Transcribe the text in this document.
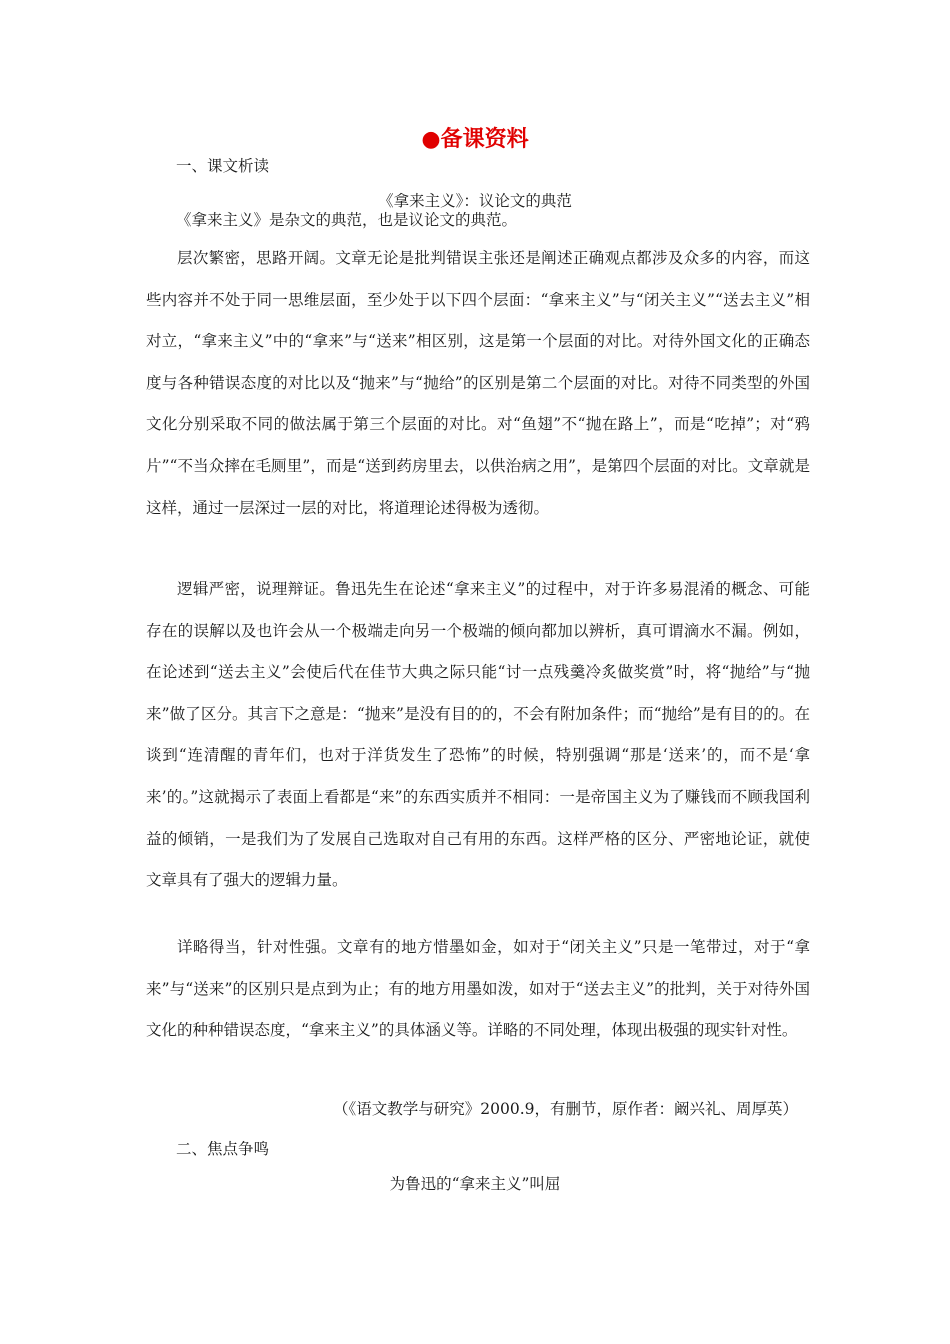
●备课资料
一、课文析读
《拿来主义》：议论文的典范
《拿来主义》是杂文的典范，也是议论文的典范。

层次繁密，思路开阔。文章无论是批判错误主张还是阐述正确观点都涉及众多的内容，而这些内容并不处于同一思维层面，至少处于以下四个层面：“拿来主义”与“闭关主义”“送去主义”相对立，“拿来主义”中的“拿来”与“送来”相区别，这是第一个层面的对比。对待外国文化的正确态度与各种错误态度的对比以及“抛来”与“抛给”的区别是第二个层面的对比。对待不同类型的外国文化分别采取不同的做法属于第三个层面的对比。对“鱼翅”不“抛在路上”，而是“吃掉”；对“鸦片”“不当众摔在毛厕里”，而是“送到药房里去，以供治病之用”，是第四个层面的对比。文章就是这样，通过一层深过一层的对比，将道理论述得极为透彻。

逻辑严密，说理辩证。鲁迅先生在论述“拿来主义”的过程中，对于许多易混淆的概念、可能存在的误解以及也许会从一个极端走向另一个极端的倾向都加以辨析，真可谓滴水不漏。例如，在论述到“送去主义”会使后代在佳节大典之际只能“讨一点残羹冷炙做奖赏”时，将“抛给”与“抛来”做了区分。其言下之意是：“抛来”是没有目的的，不会有附加条件；而“抛给”是有目的的。在谈到“连清醒的青年们，也对于洋货发生了恐怖”的时候，特别强调“那是‘送来’的，而不是‘拿来’的。”这就揭示了表面上看都是“来”的东西实质并不相同：一是帝国主义为了赚钱而不顾我国利益的倾销，一是我们为了发展自己选取对自己有用的东西。这样严格的区分、严密地论证，就使文章具有了强大的逻辑力量。

详略得当，针对性强。文章有的地方惜墨如金，如对于“闭关主义”只是一笔带过，对于“拿来”与“送来”的区别只是点到为止；有的地方用墨如泼，如对于“送去主义”的批判，关于对待外国文化的种种错误态度，“拿来主义”的具体涵义等。详略的不同处理，体现出极强的现实针对性。

（《语文教学与研究》2000.9，有删节，原作者：阚兴礼、周厚英）
二、焦点争鸣
为鲁迅的“拿来主义”叫屈
